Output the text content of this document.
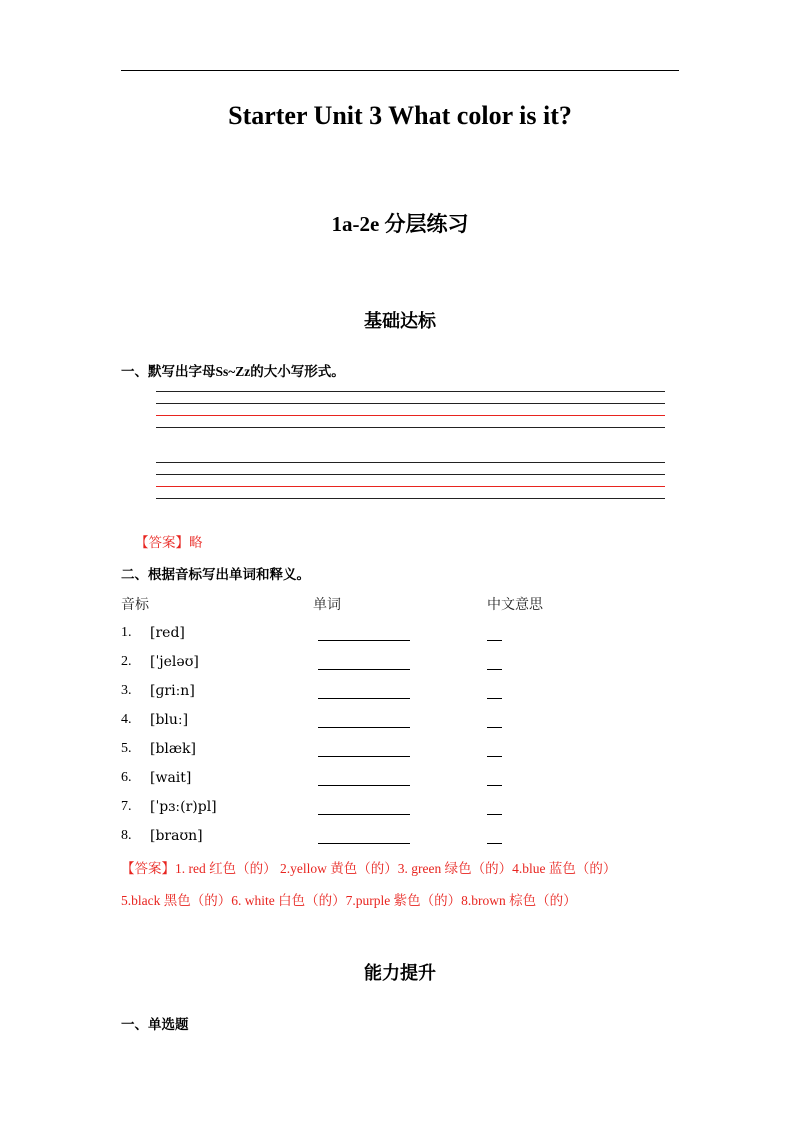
Starter Unit 3 What color is it?
1a-2e 分层练习
基础达标
一、默写出字母Ss~Zz的大小写形式。
【答案】略
二、根据音标写出单词和释义。
音标	单词	中文意思
1. [red]
2. [ˈjeləʊ]
3. [ɡriːn]
4. [bluː]
5. [blæk]
6. [wait]
7. [ˈpɜː(r)pl]
8. [braʊn]
【答案】1. red 红色（的） 2.yellow 黄色（的）3. green 绿色（的）4.blue 蓝色（的）
5.black 黑色（的）6. white 白色（的）7.purple 紫色（的）8.brown 棕色（的）
能力提升
一、单选题
